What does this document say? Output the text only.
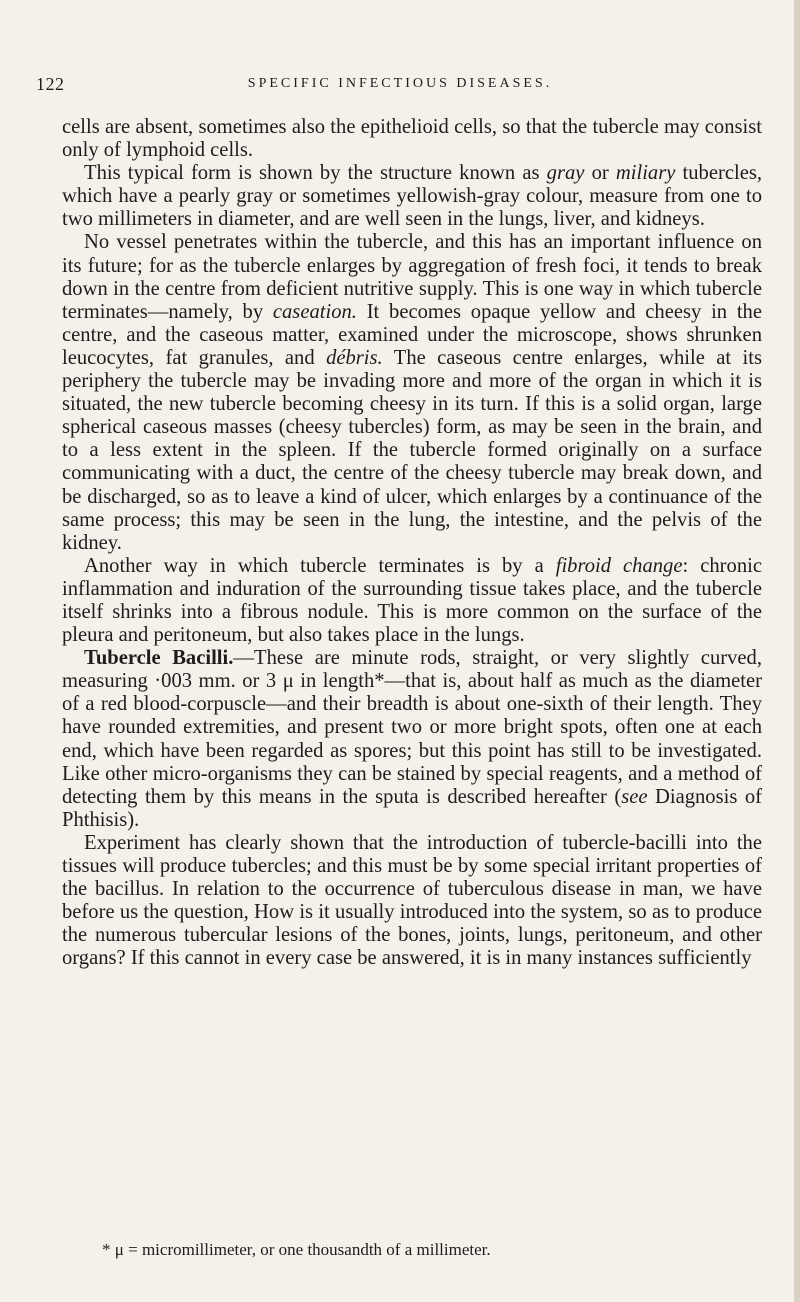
122	SPECIFIC INFECTIOUS DISEASES.

cells are absent, sometimes also the epithelioid cells, so that the tubercle may consist only of lymphoid cells.

This typical form is shown by the structure known as gray or miliary tubercles, which have a pearly gray or sometimes yellowish-gray colour, measure from one to two millimeters in diameter, and are well seen in the lungs, liver, and kidneys.

No vessel penetrates within the tubercle, and this has an important influence on its future; for as the tubercle enlarges by aggregation of fresh foci, it tends to break down in the centre from deficient nutritive supply. This is one way in which tubercle terminates—namely, by caseation. It becomes opaque yellow and cheesy in the centre, and the caseous matter, examined under the microscope, shows shrunken leucocytes, fat granules, and débris. The caseous centre enlarges, while at its periphery the tubercle may be invading more and more of the organ in which it is situated, the new tubercle becoming cheesy in its turn. If this is a solid organ, large spherical caseous masses (cheesy tubercles) form, as may be seen in the brain, and to a less extent in the spleen. If the tubercle formed originally on a surface communicating with a duct, the centre of the cheesy tubercle may break down, and be discharged, so as to leave a kind of ulcer, which enlarges by a continuance of the same process; this may be seen in the lung, the intestine, and the pelvis of the kidney.

Another way in which tubercle terminates is by a fibroid change: chronic inflammation and induration of the surrounding tissue takes place, and the tubercle itself shrinks into a fibrous nodule. This is more common on the surface of the pleura and peritoneum, but also takes place in the lungs.

Tubercle Bacilli.—These are minute rods, straight, or very slightly curved, measuring ·003 mm. or 3 μ in length*—that is, about half as much as the diameter of a red blood-corpuscle—and their breadth is about one-sixth of their length. They have rounded extremities, and present two or more bright spots, often one at each end, which have been regarded as spores; but this point has still to be investigated. Like other micro-organisms they can be stained by special reagents, and a method of detecting them by this means in the sputa is described hereafter (see Diagnosis of Phthisis).

Experiment has clearly shown that the introduction of tubercle-bacilli into the tissues will produce tubercles; and this must be by some special irritant properties of the bacillus. In relation to the occurrence of tuberculous disease in man, we have before us the question, How is it usually introduced into the system, so as to produce the numerous tubercular lesions of the bones, joints, lungs, peritoneum, and other organs? If this cannot in every case be answered, it is in many instances sufficiently

* μ = micromillimeter, or one thousandth of a millimeter.
